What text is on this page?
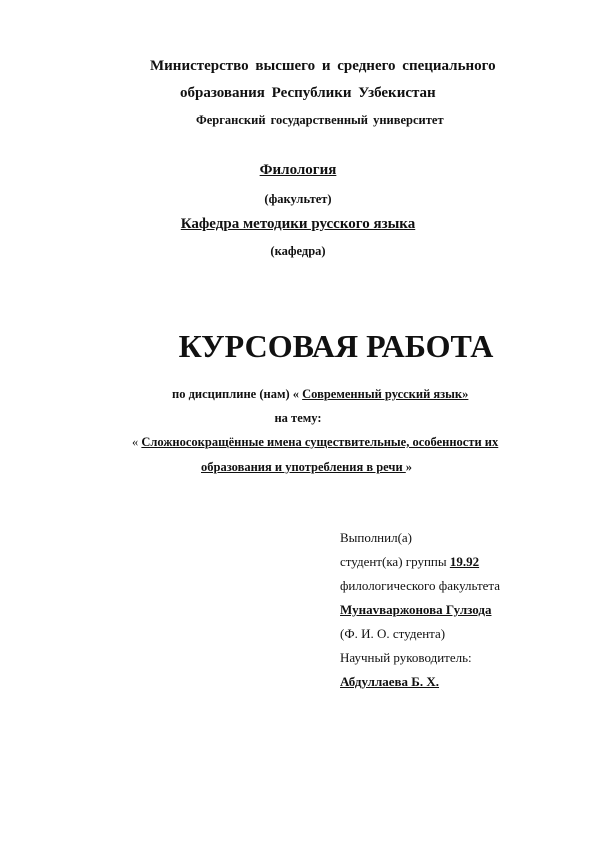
Министерство высшего и среднего специального
образования Республики Узбекистан
Ферганский государственный университет
Филология
(факультет)
Кафедра методики русского языка
(кафедра)
КУРСОВАЯ РАБОТА
по дисциплине (нам) « Современный русский язык»
на тему:
« Сложносокращённые имена существительные, особенности их
образования и употребления в речи »
Выполнил(а)
студент(ка) группы 19.92
филологического факультета
Мунavваржонова Гулзода
(Ф. И. О. студента)
Научный руководитель:
Абдуллаева Б. Х.
